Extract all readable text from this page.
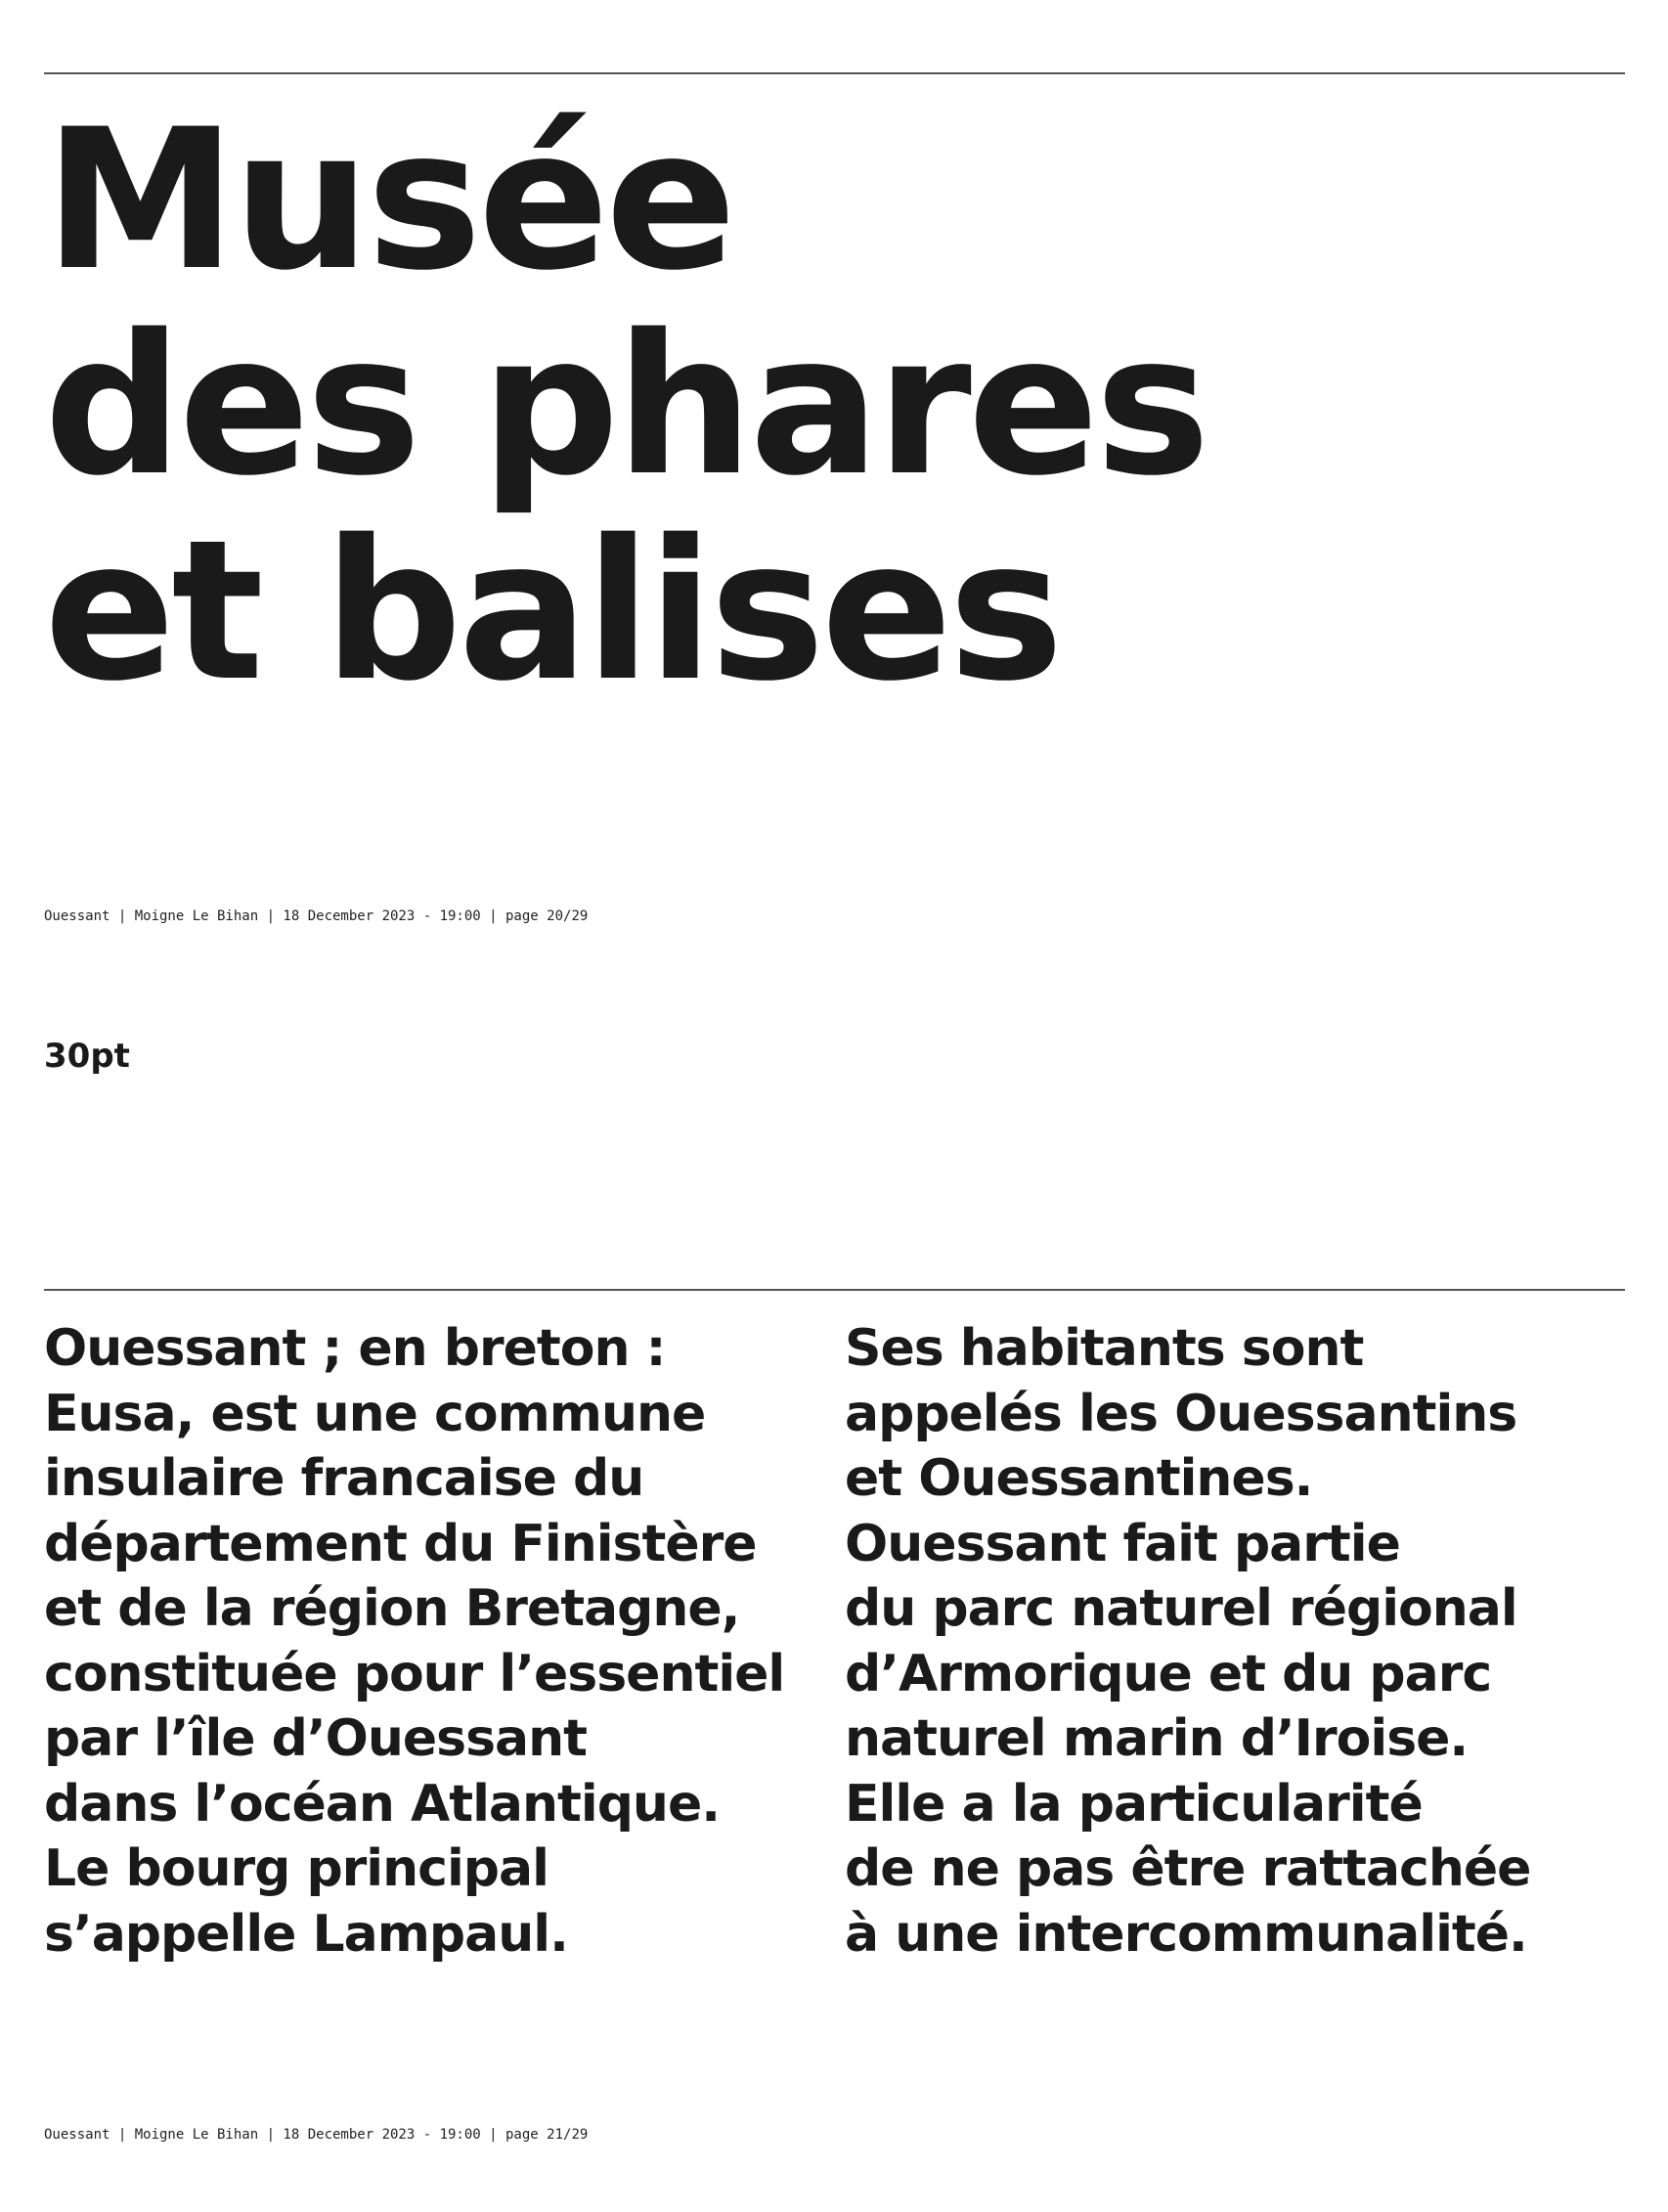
Musée
des phares
et balises
Ouessant | Moigne Le Bihan | 18 December 2023 - 19:00 | page 20/29
30pt
Ouessant ; en breton :
Eusa, est une commune
insulaire francaise du
département du Finistère
et de la région Bretagne,
constituée pour l’essentiel
par l’île d’Ouessant
dans l’océan Atlantique.
Le bourg principal
s’appelle Lampaul.
Ses habitants sont
appelés les Ouessantins
et Ouessantines.
Ouessant fait partie
du parc naturel régional
d’Armorique et du parc
naturel marin d’Iroise.
Elle a la particularité
de ne pas être rattachée
à une intercommunalité.
Ouessant | Moigne Le Bihan | 18 December 2023 - 19:00 | page 21/29
